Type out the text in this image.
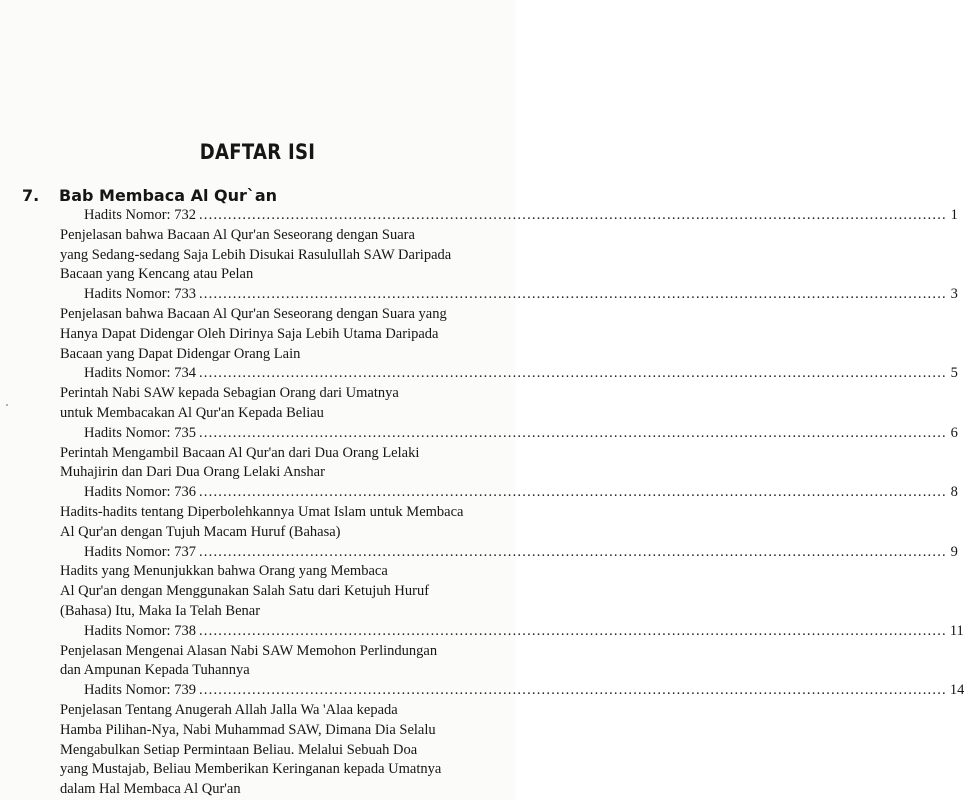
DAFTAR ISI
7. Bab Membaca Al Qur`an
Hadits Nomor: 732 ........................................................................................................................................................... 1
Penjelasan bahwa Bacaan Al Qur'an Seseorang dengan Suara
yang Sedang-sedang Saja Lebih Disukai Rasulullah SAW Daripada
Bacaan yang Kencang atau Pelan
Hadits Nomor: 733 ........................................................................................................................................................... 3
Penjelasan bahwa Bacaan Al Qur'an Seseorang dengan Suara yang
Hanya Dapat Didengar Oleh Dirinya Saja Lebih Utama Daripada
Bacaan yang Dapat Didengar Orang Lain
Hadits Nomor: 734 ........................................................................................................................................................... 5
Perintah Nabi SAW kepada Sebagian Orang dari Umatnya
untuk Membacakan Al Qur'an Kepada Beliau
Hadits Nomor: 735 ........................................................................................................................................................... 6
Perintah Mengambil Bacaan Al Qur'an dari Dua Orang Lelaki
Muhajirin dan Dari Dua Orang Lelaki Anshar
Hadits Nomor: 736 ........................................................................................................................................................... 8
Hadits-hadits tentang Diperbolehkannya Umat Islam untuk Membaca
Al Qur'an dengan Tujuh Macam Huruf (Bahasa)
Hadits Nomor: 737 ........................................................................................................................................................... 9
Hadits yang Menunjukkan bahwa Orang yang Membaca
Al Qur'an dengan Menggunakan Salah Satu dari Ketujuh Huruf
(Bahasa) Itu, Maka Ia Telah Benar
Hadits Nomor: 738 ........................................................................................................................................................... 11
Penjelasan Mengenai Alasan Nabi SAW Memohon Perlindungan
dan Ampunan Kepada Tuhannya
Hadits Nomor: 739 ........................................................................................................................................................... 14
Penjelasan Tentang Anugerah Allah Jalla Wa 'Alaa kepada
Hamba Pilihan-Nya, Nabi Muhammad SAW, Dimana Dia Selalu
Mengabulkan Setiap Permintaan Beliau. Melalui Sebuah Doa
yang Mustajab, Beliau Memberikan Keringanan kepada Umatnya
dalam Hal Membaca Al Qur'an
